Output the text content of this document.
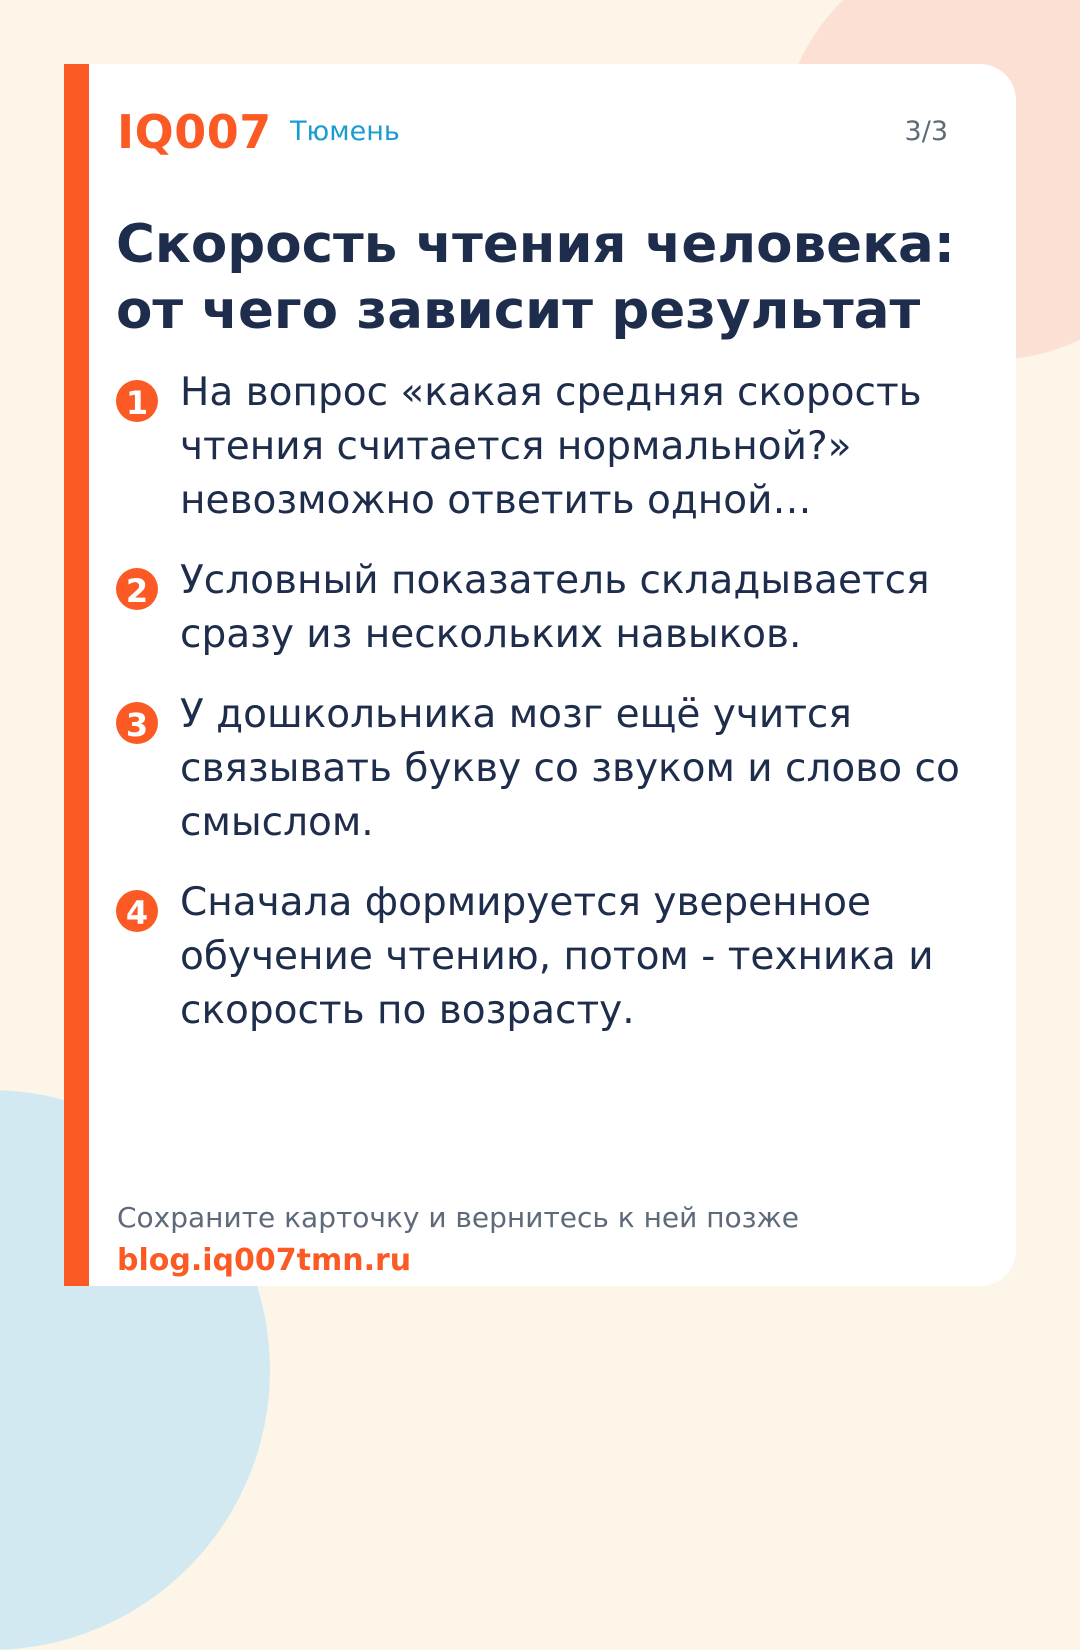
IQ007 Тюмень	3/3
Скорость чтения человека: от чего зависит результат
1 На вопрос «какая средняя скорость чтения считается нормальной?» невозможно ответить одной…
2 Условный показатель складывается сразу из нескольких навыков.
3 У дошкольника мозг ещё учится связывать букву со звуком и слово со смыслом.
4 Сначала формируется уверенное обучение чтению, потом - техника и скорость по возрасту.
Сохраните карточку и вернитесь к ней позже
blog.iq007tmn.ru
